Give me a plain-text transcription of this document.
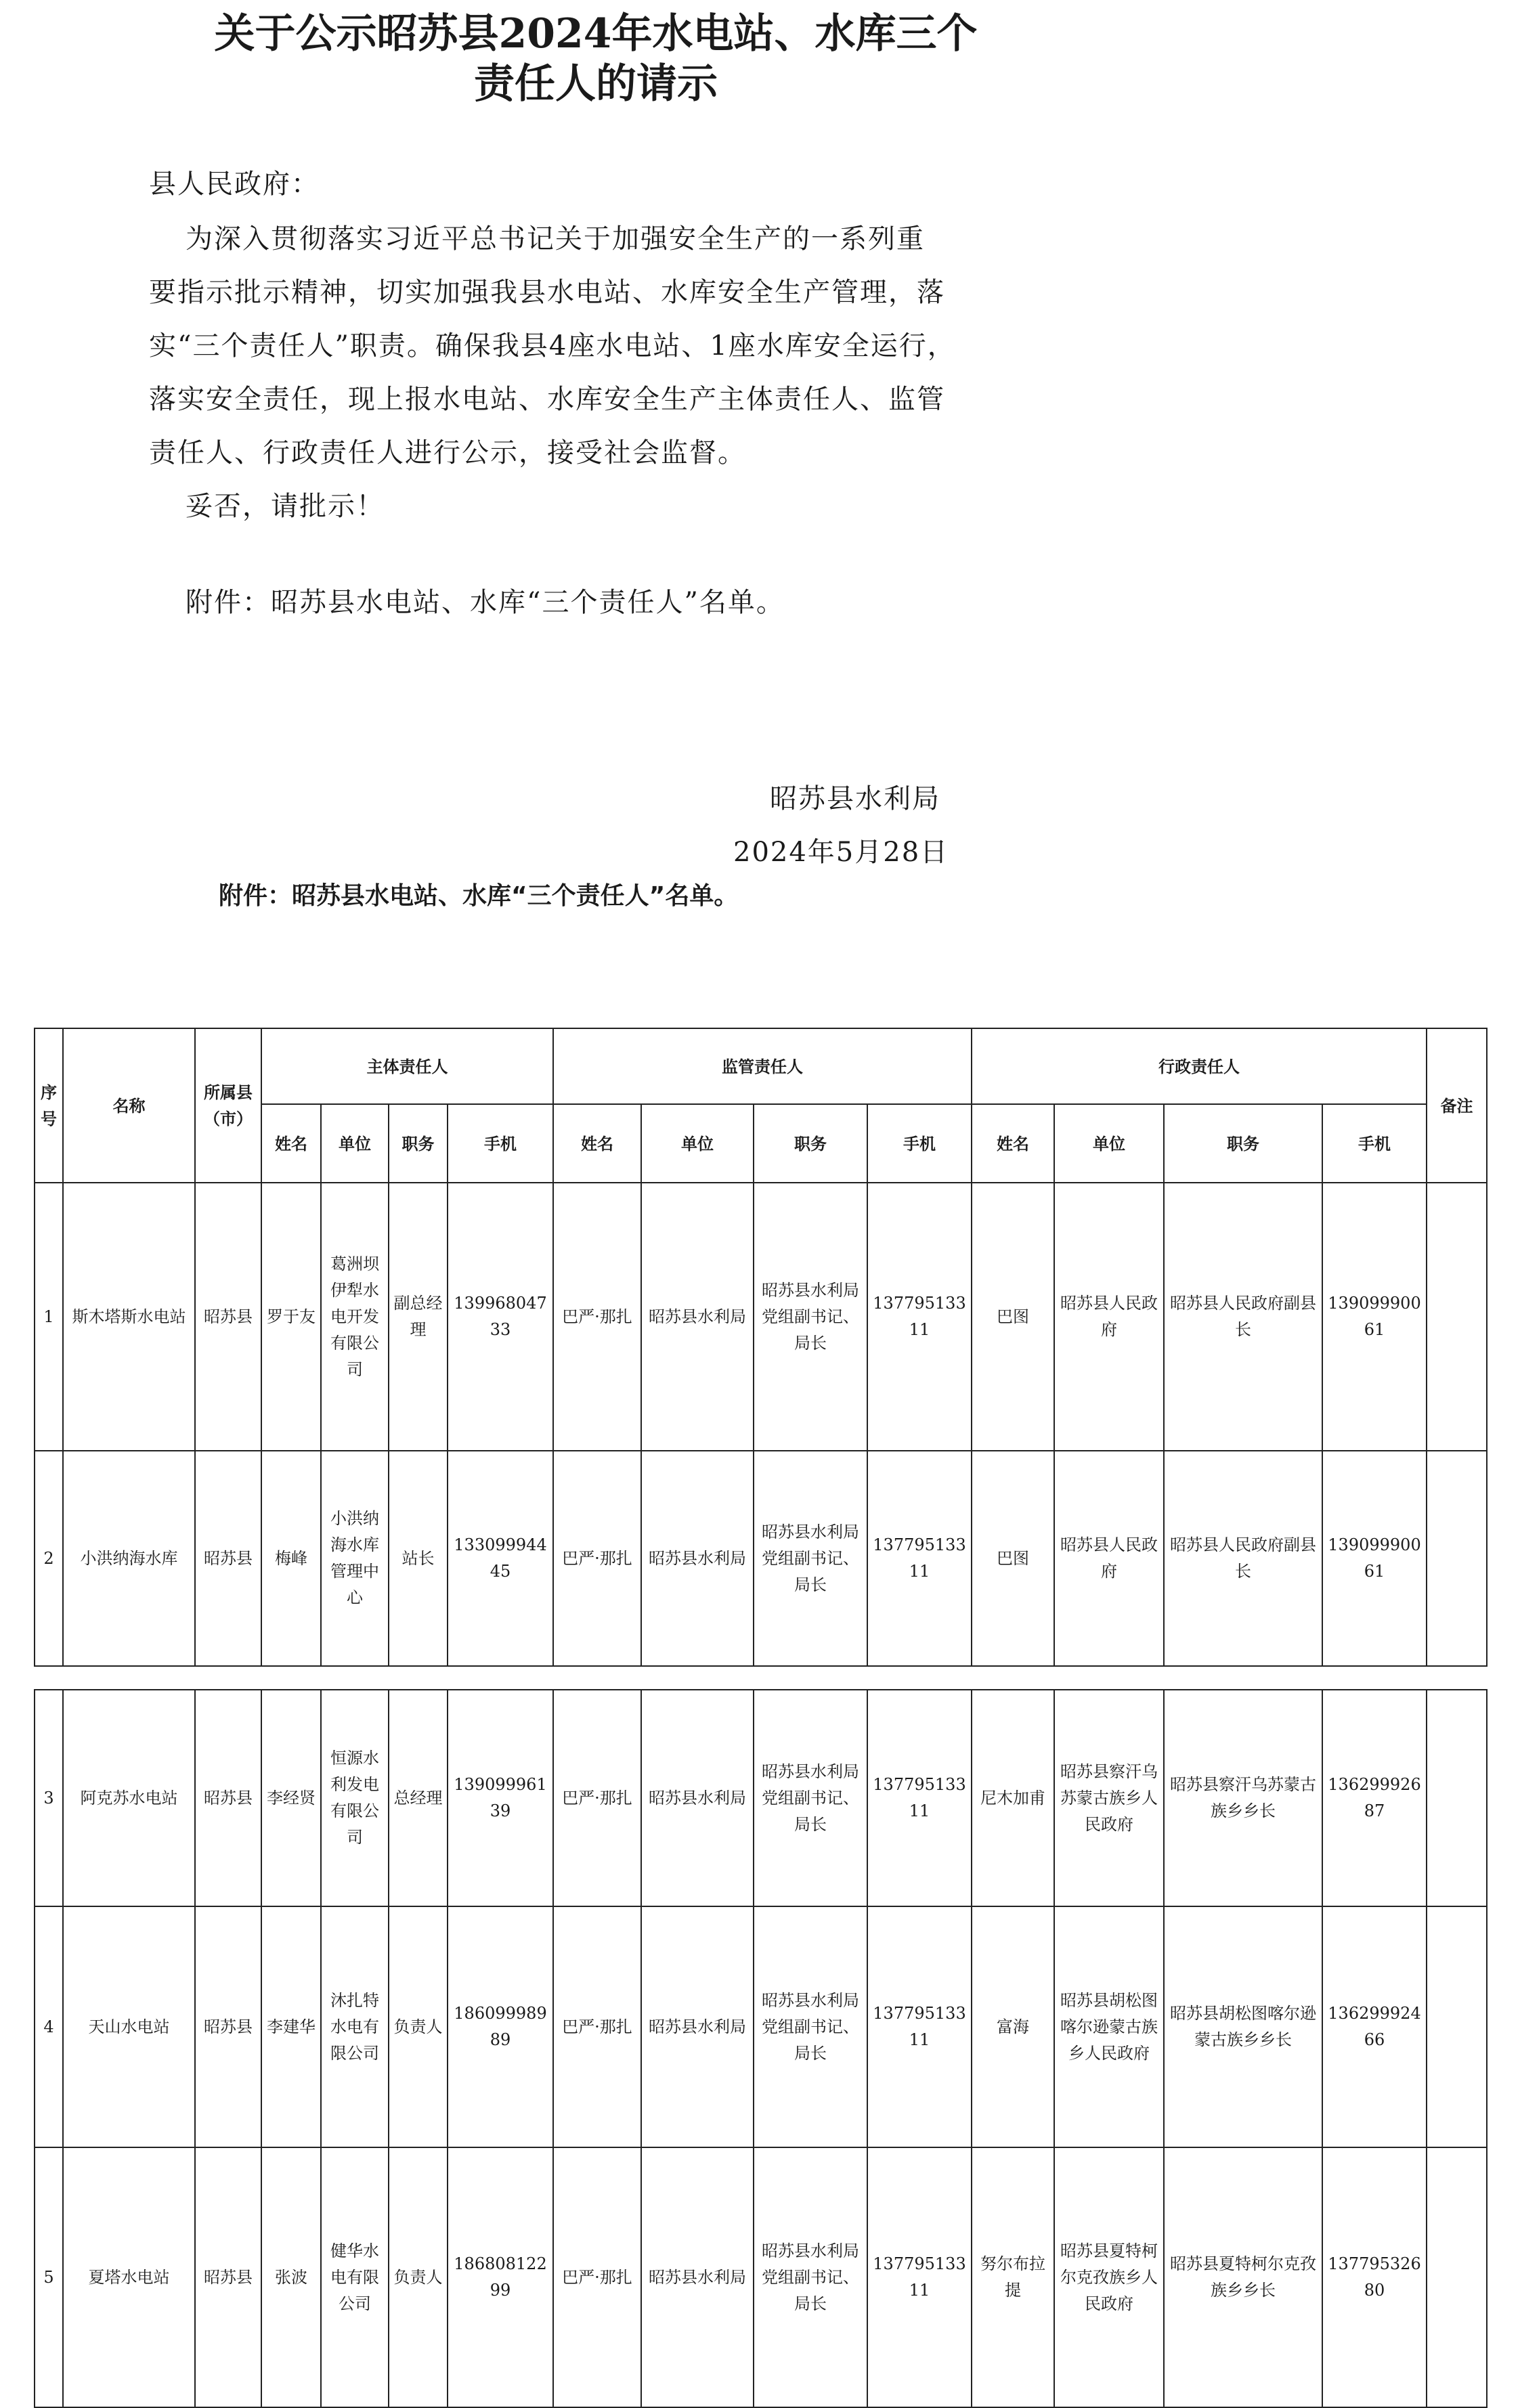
关于公示昭苏县2024年水电站、水库三个
责任人的请示

县人民政府：

为深入贯彻落实习近平总书记关于加强安全生产的一系列重

要指示批示精神，切实加强我县水电站、水库安全生产管理，落

实“三个责任人”职责。确保我县4座水电站、1座水库安全运行，

落实安全责任，现上报水电站、水库安全生产主体责任人、监管

责任人、行政责任人进行公示，接受社会监督。

妥否，请批示！

附件：昭苏县水电站、水库“三个责任人”名单。

昭苏县水利局
2024年5月28日
附件：昭苏县水电站、水库“三个责任人”名单。
序号	名称	所属县（市）	主体责任人				监管责任人				行政责任人				备注
			姓名	单位	职务	手机	姓名	单位	职务	手机	姓名	单位	职务	手机	
1	斯木塔斯水电站	昭苏县	罗于友	葛洲坝伊犁水电开发有限公司	副总经理	13996804733	巴严·那扎	昭苏县水利局	昭苏县水利局党组副书记、局长	13779513311	巴图	昭苏县人民政府	昭苏县人民政府副县长	13909990061	
2	小洪纳海水库	昭苏县	梅峰	小洪纳海水库管理中心	站长	13309994445	巴严·那扎	昭苏县水利局	昭苏县水利局党组副书记、局长	13779513311	巴图	昭苏县人民政府	昭苏县人民政府副县长	13909990061	
3	阿克苏水电站	昭苏县	李经贤	恒源水利发电有限公司	总经理	13909996139	巴严·那扎	昭苏县水利局	昭苏县水利局党组副书记、局长	13779513311	尼木加甫	昭苏县察汗乌苏蒙古族乡人民政府	昭苏县察汗乌苏蒙古族乡乡长	13629992687	
4	天山水电站	昭苏县	李建华	沐扎特水电有限公司	负责人	18609998989	巴严·那扎	昭苏县水利局	昭苏县水利局党组副书记、局长	13779513311	富海	昭苏县胡松图喀尔逊蒙古族乡人民政府	昭苏县胡松图喀尔逊蒙古族乡乡长	13629992466	
5	夏塔水电站	昭苏县	张波	健华水电有限公司	负责人	18680812299	巴严·那扎	昭苏县水利局	昭苏县水利局党组副书记、局长	13779513311	努尔布拉提	昭苏县夏特柯尔克孜族乡人民政府	昭苏县夏特柯尔克孜族乡乡长	13779532680	
